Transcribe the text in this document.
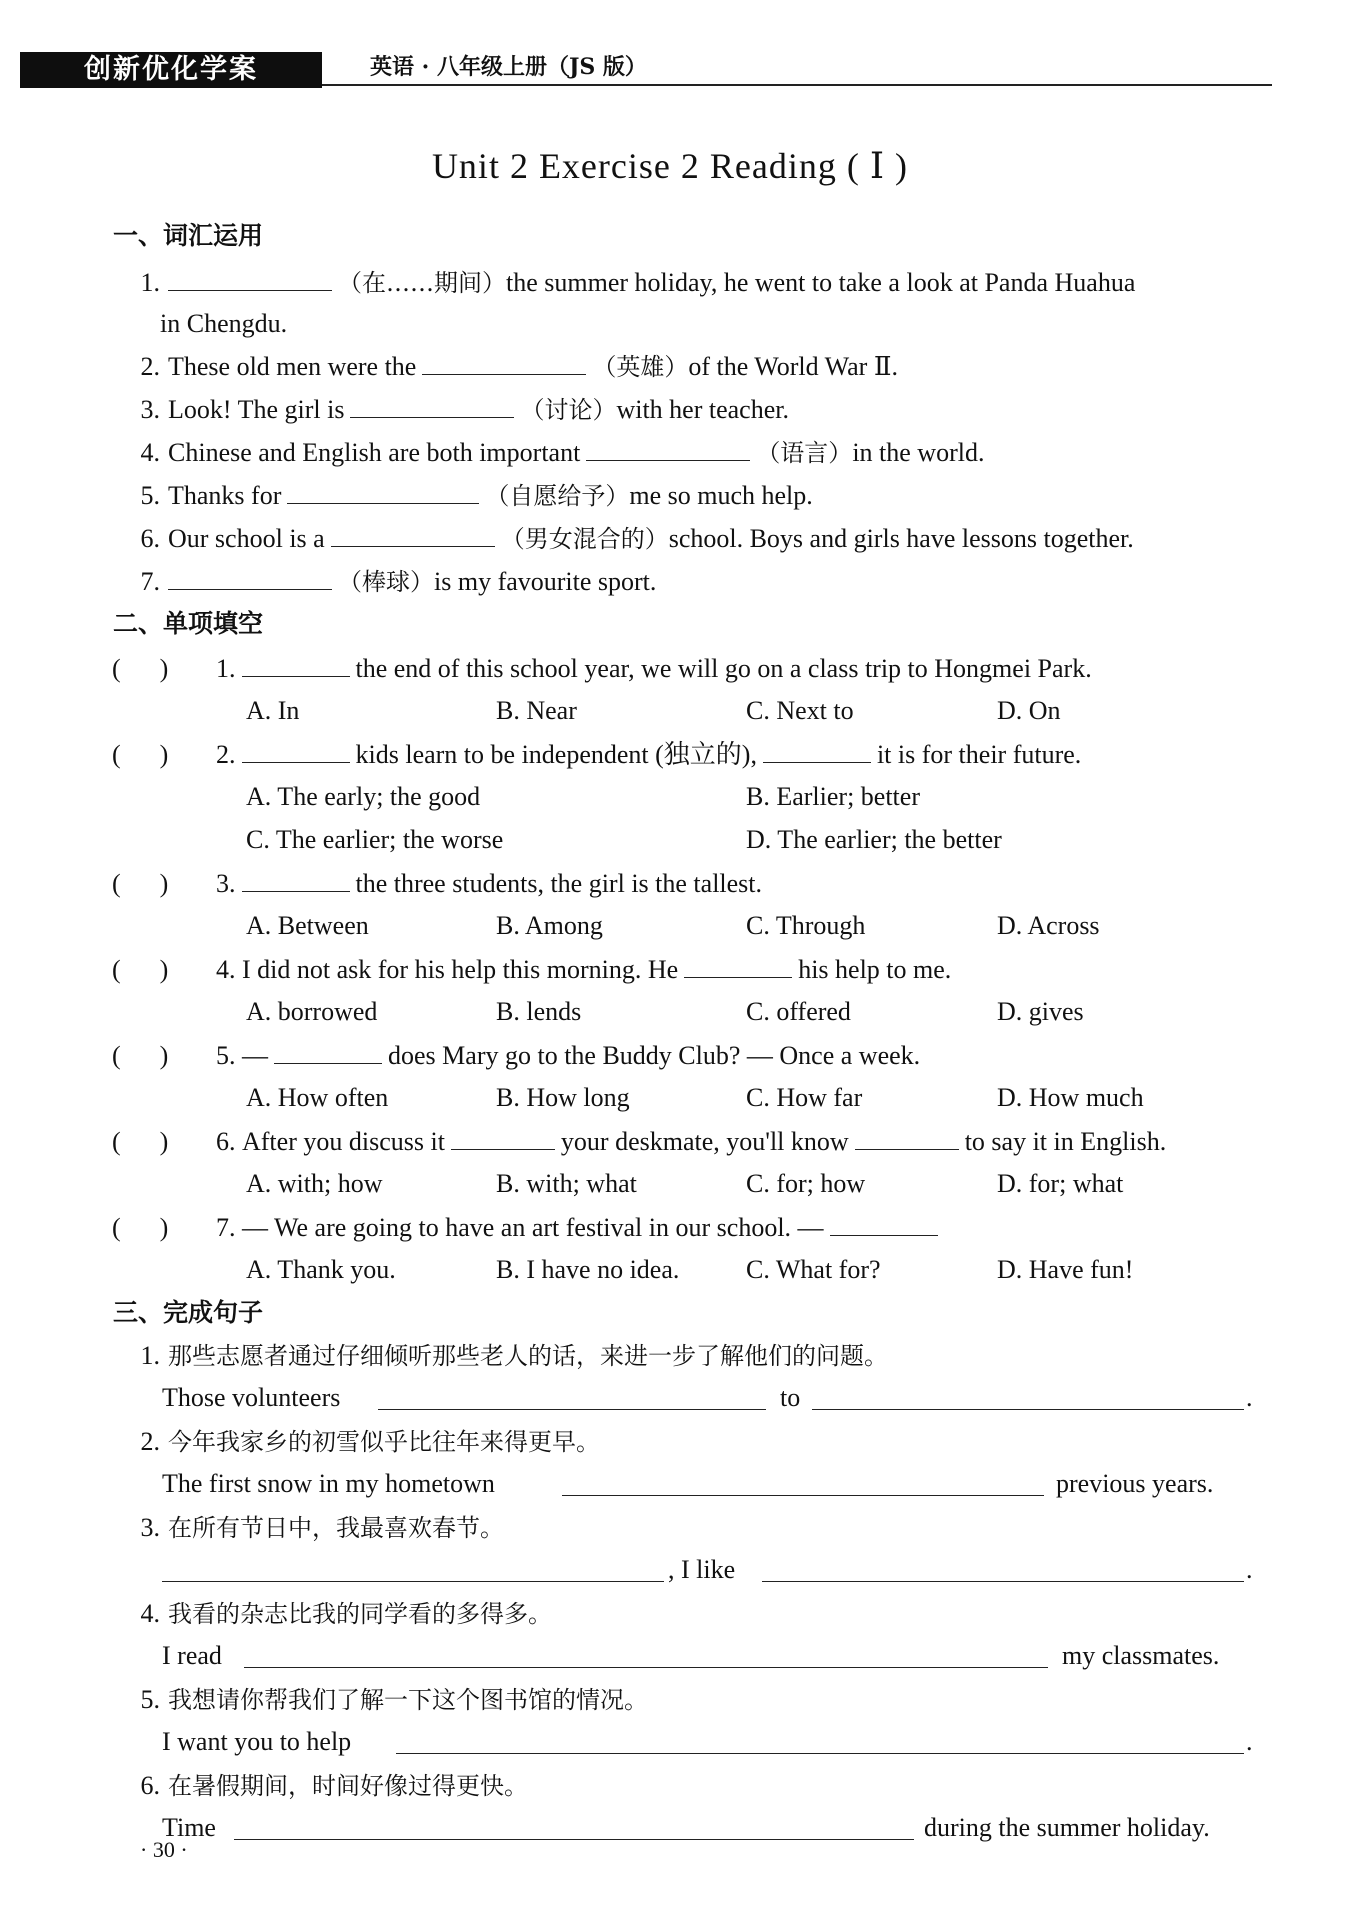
创新优化学案	英语 · 八年级上册（JS 版）
Unit 2 Exercise 2 Reading ( Ⅰ )
一、词汇运用
1.	（在……期间）the summer holiday, he went to take a look at Panda Huahua
in Chengdu.
2. These old men were the	（英雄）of the World War Ⅱ.
3. Look! The girl is	（讨论）with her teacher.
4. Chinese and English are both important	（语言）in the world.
5. Thanks for	（自愿给予）me so much help.
6. Our school is a	（男女混合的）school. Boys and girls have lessons together.
7.	（棒球）is my favourite sport.
二、单项填空
(      ) 1.	the end of this school year, we will go on a class trip to Hongmei Park.
A. In	B. Near	C. Next to	D. On
(      ) 2.	kids learn to be independent (独立的),	it is for their future.
A. The early; the good	B. Earlier; better
C. The earlier; the worse	D. The earlier; the better
(      ) 3.	the three students, the girl is the tallest.
A. Between	B. Among	C. Through	D. Across
(      ) 4. I did not ask for his help this morning. He	his help to me.
A. borrowed	B. lends	C. offered	D. gives
(      ) 5. —	does Mary go to the Buddy Club? — Once a week.
A. How often	B. How long	C. How far	D. How much
(      ) 6. After you discuss it	your deskmate, you'll know	to say it in English.
A. with; how	B. with; what	C. for; how	D. for; what
(      ) 7. — We are going to have an art festival in our school. —
A. Thank you.	B. I have no idea.	C. What for?	D. Have fun!
三、完成句子
1. 那些志愿者通过仔细倾听那些老人的话，来进一步了解他们的问题。
Those volunteers	to	.
2. 今年我家乡的初雪似乎比往年来得更早。
The first snow in my hometown	previous years.
3. 在所有节日中，我最喜欢春节。
, I like	.
4. 我看的杂志比我的同学看的多得多。
I read	my classmates.
5. 我想请你帮我们了解一下这个图书馆的情况。
I want you to help	.
6. 在暑假期间，时间好像过得更快。
Time	during the summer holiday.
· 30 ·
